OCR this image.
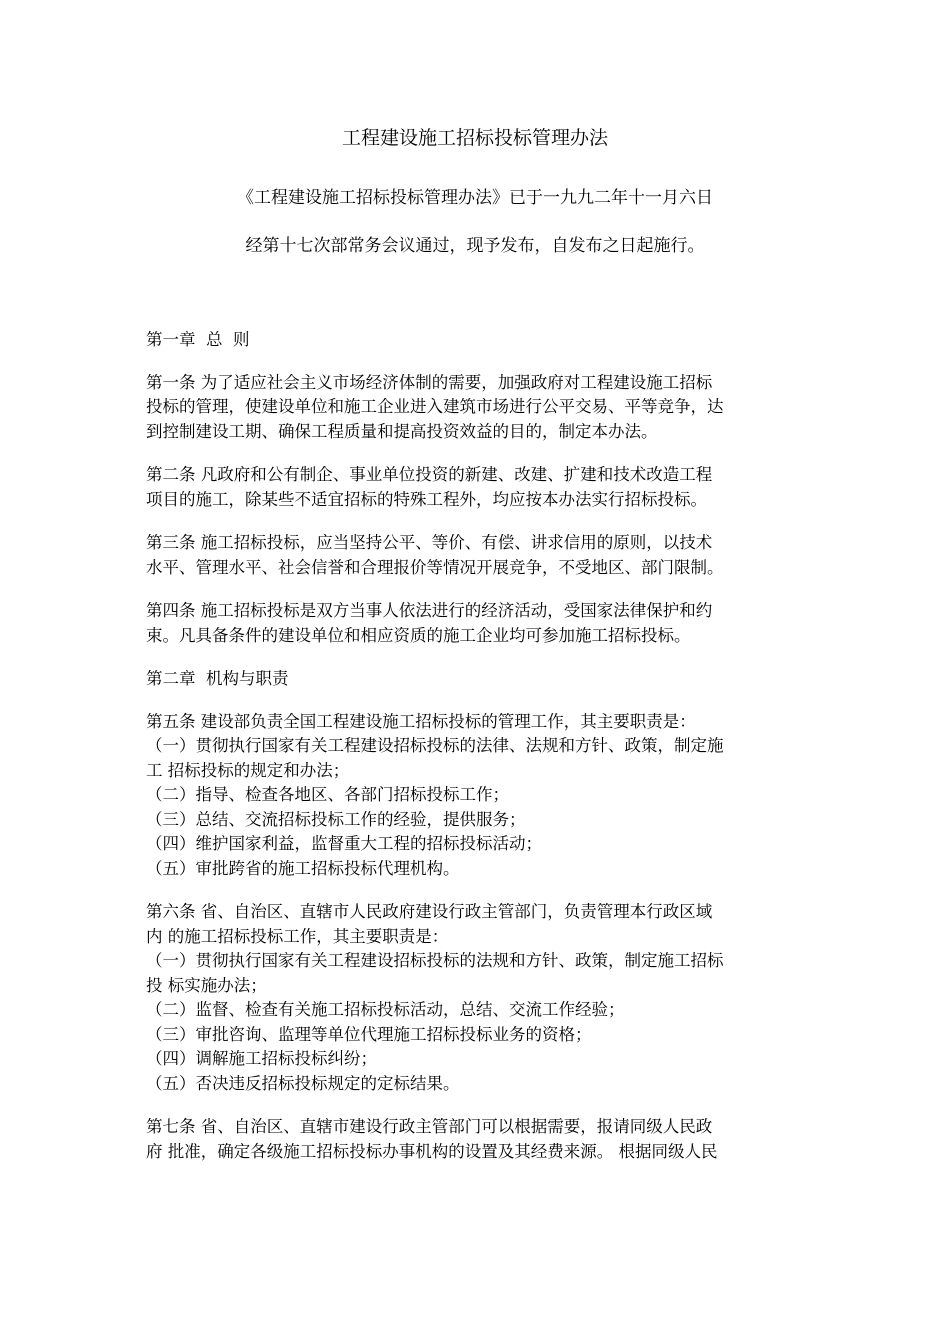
工程建设施工招标投标管理办法
《工程建设施工招标投标管理办法》已于一九九二年十一月六日
经第十七次部常务会议通过，现予发布，自发布之日起施行。

第一章  总  则

第一条 为了适应社会主义市场经济体制的需要，加强政府对工程建设施工招标
投标的管理，使建设单位和施工企业进入建筑市场进行公平交易、平等竞争，达
到控制建设工期、确保工程质量和提高投资效益的目的，制定本办法。
第二条 凡政府和公有制企、事业单位投资的新建、改建、扩建和技术改造工程
项目的施工，除某些不适宜招标的特殊工程外，均应按本办法实行招标投标。
第三条 施工招标投标，应当坚持公平、等价、有偿、讲求信用的原则，以技术
水平、管理水平、社会信誉和合理报价等情况开展竞争，不受地区、部门限制。
第四条 施工招标投标是双方当事人依法进行的经济活动，受国家法律保护和约
束。凡具备条件的建设单位和相应资质的施工企业均可参加施工招标投标。

第二章  机构与职责

第五条 建设部负责全国工程建设施工招标投标的管理工作，其主要职责是：
（一）贯彻执行国家有关工程建设招标投标的法律、法规和方针、政策，制定施
工 招标投标的规定和办法；
（二）指导、检查各地区、各部门招标投标工作；
（三）总结、交流招标投标工作的经验，提供服务；
（四）维护国家利益，监督重大工程的招标投标活动；
（五）审批跨省的施工招标投标代理机构。
第六条 省、自治区、直辖市人民政府建设行政主管部门，负责管理本行政区域
内 的施工招标投标工作，其主要职责是：
（一）贯彻执行国家有关工程建设招标投标的法规和方针、政策，制定施工招标
投 标实施办法；
（二）监督、检查有关施工招标投标活动，总结、交流工作经验；
（三）审批咨询、监理等单位代理施工招标投标业务的资格；
（四）调解施工招标投标纠纷；
（五）否决违反招标投标规定的定标结果。
第七条 省、自治区、直辖市建设行政主管部门可以根据需要，报请同级人民政
府 批准，确定各级施工招标投标办事机构的设置及其经费来源。 根据同级人民
